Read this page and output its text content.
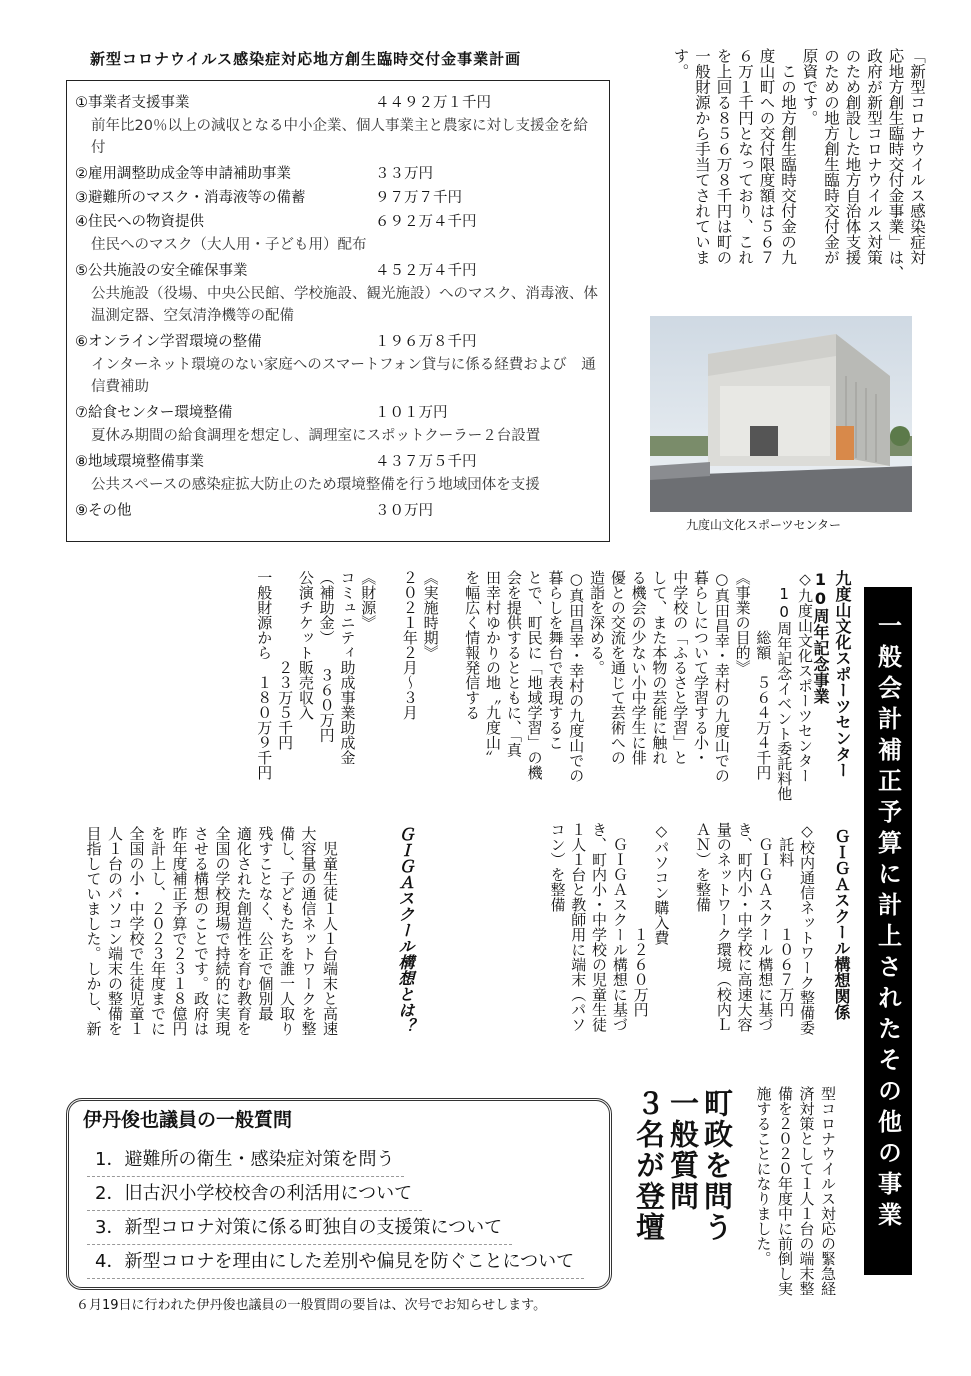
新型コロナウイルス感染症対応地方創生臨時交付金事業計画
①事業者支援事業	４４９２万１千円
前年比20％以上の減収となる中小企業、個人事業主と農家に対し支援金を給付
②雇用調整助成金等申請補助事業	３３万円
③避難所のマスク・消毒液等の備蓄	９７万７千円
④住民への物資提供	６９２万４千円
住民へのマスク（大人用・子ども用）配布
⑤公共施設の安全確保事業	４５２万４千円
公共施設（役場、中央公民館、学校施設、観光施設）へのマスク、消毒液、体温測定器、空気清浄機等の配備
⑥オンライン学習環境の整備	１９６万８千円
インターネット環境のない家庭へのスマートフォン貸与に係る経費および　通信費補助
⑦給食センター環境整備	１０１万円
夏休み期間の給食調理を想定し、調理室にスポットクーラー２台設置
⑧地域環境整備事業	４３７万５千円
公共スペースの感染症拡大防止のため環境整備を行う地域団体を支援
⑨その他	３０万円
「新型コロナウイルス感染症対
応地方創生臨時交付金事業」は、
政府が新型コロナウイルス対策
のため創設した地方自治体支援
のための地方創生臨時交付金が
原資です。
　この地方創生臨時交付金の九
度山町への交付限度額は５６７
６万１千円となっており、これ
を上回る８５６万８千円は町の
一般財源から手当てされていま
す。
九度山文化スポーツセンター
一般会計補正予算に計上されたその他の事業
九度山文化スポーツセンター
10周年記念事業
◇九度山文化スポーツセンター
　10周年記念イベント委託料他
　　　　総額　５６４万４千円
《事業の目的》
○真田昌幸・幸村の九度山での
暮らしについて学習する小・
中学校の「ふるさと学習」と
して、また本物の芸能に触れ
る機会の少ない小中学生に俳
優との交流を通じて芸術への
造詣を深める。
○真田昌幸・幸村の九度山での
暮らしを舞台で表現するこ
とで、町民に「地域学習」の機
会を提供するとともに、「真
田幸村ゆかりの地〝九度山〟
を幅広く情報発信する
《実施時期》
２０２１年２月～３月
《財源》
コミュニティ助成事業助成金
（補助金）　　３６０万円
公演チケット販売収入
　　　　　　２３万５千円
一般財源から　１８０万９千円
ＧＩＧＡスクール構想関係
◇校内通信ネットワーク整備委
　託料　　　　１０６７万円
　ＧＩＧＡスクール構想に基づ
き、町内小・中学校に高速大容
量のネットワーク環境（校内Ｌ
ＡＮ）を整備
◇パソコン購入費
　　　　　　　１２６０万円
　ＧＩＧＡスクール構想に基づ
き、町内小・中学校の児童生徒
１人１台と教師用に端末（パソ
コン）を整備
ＧＩＧＡスクール構想とは？
　児童生徒１人１台端末と高速
大容量の通信ネットワークを整
備し、子どもたちを誰一人取り
残すことなく、公正で個別最
適化された創造性を育む教育を
全国の学校現場で持続的に実現
させる構想のことです。政府は
昨年度補正予算で２３１８億円
を計上し、２０２３年度までに
全国の小・中学校で生徒児童１
人１台のパソコン端末の整備を
目指していました。しかし、新
型コロナウイルス対応の緊急経
済対策として１人１台の端末整
備を２０２０年度中に前倒し実
施することになりました。
町政を問う
一般質問
３名が登壇
伊丹俊也議員の一般質問
1．避難所の衛生・感染症対策を問う
2．旧古沢小学校校舎の利活用について
3．新型コロナ対策に係る町独自の支援策について
4．新型コロナを理由にした差別や偏見を防ぐことについて
６月19日に行われた伊丹俊也議員の一般質問の要旨は、次号でお知らせします。
